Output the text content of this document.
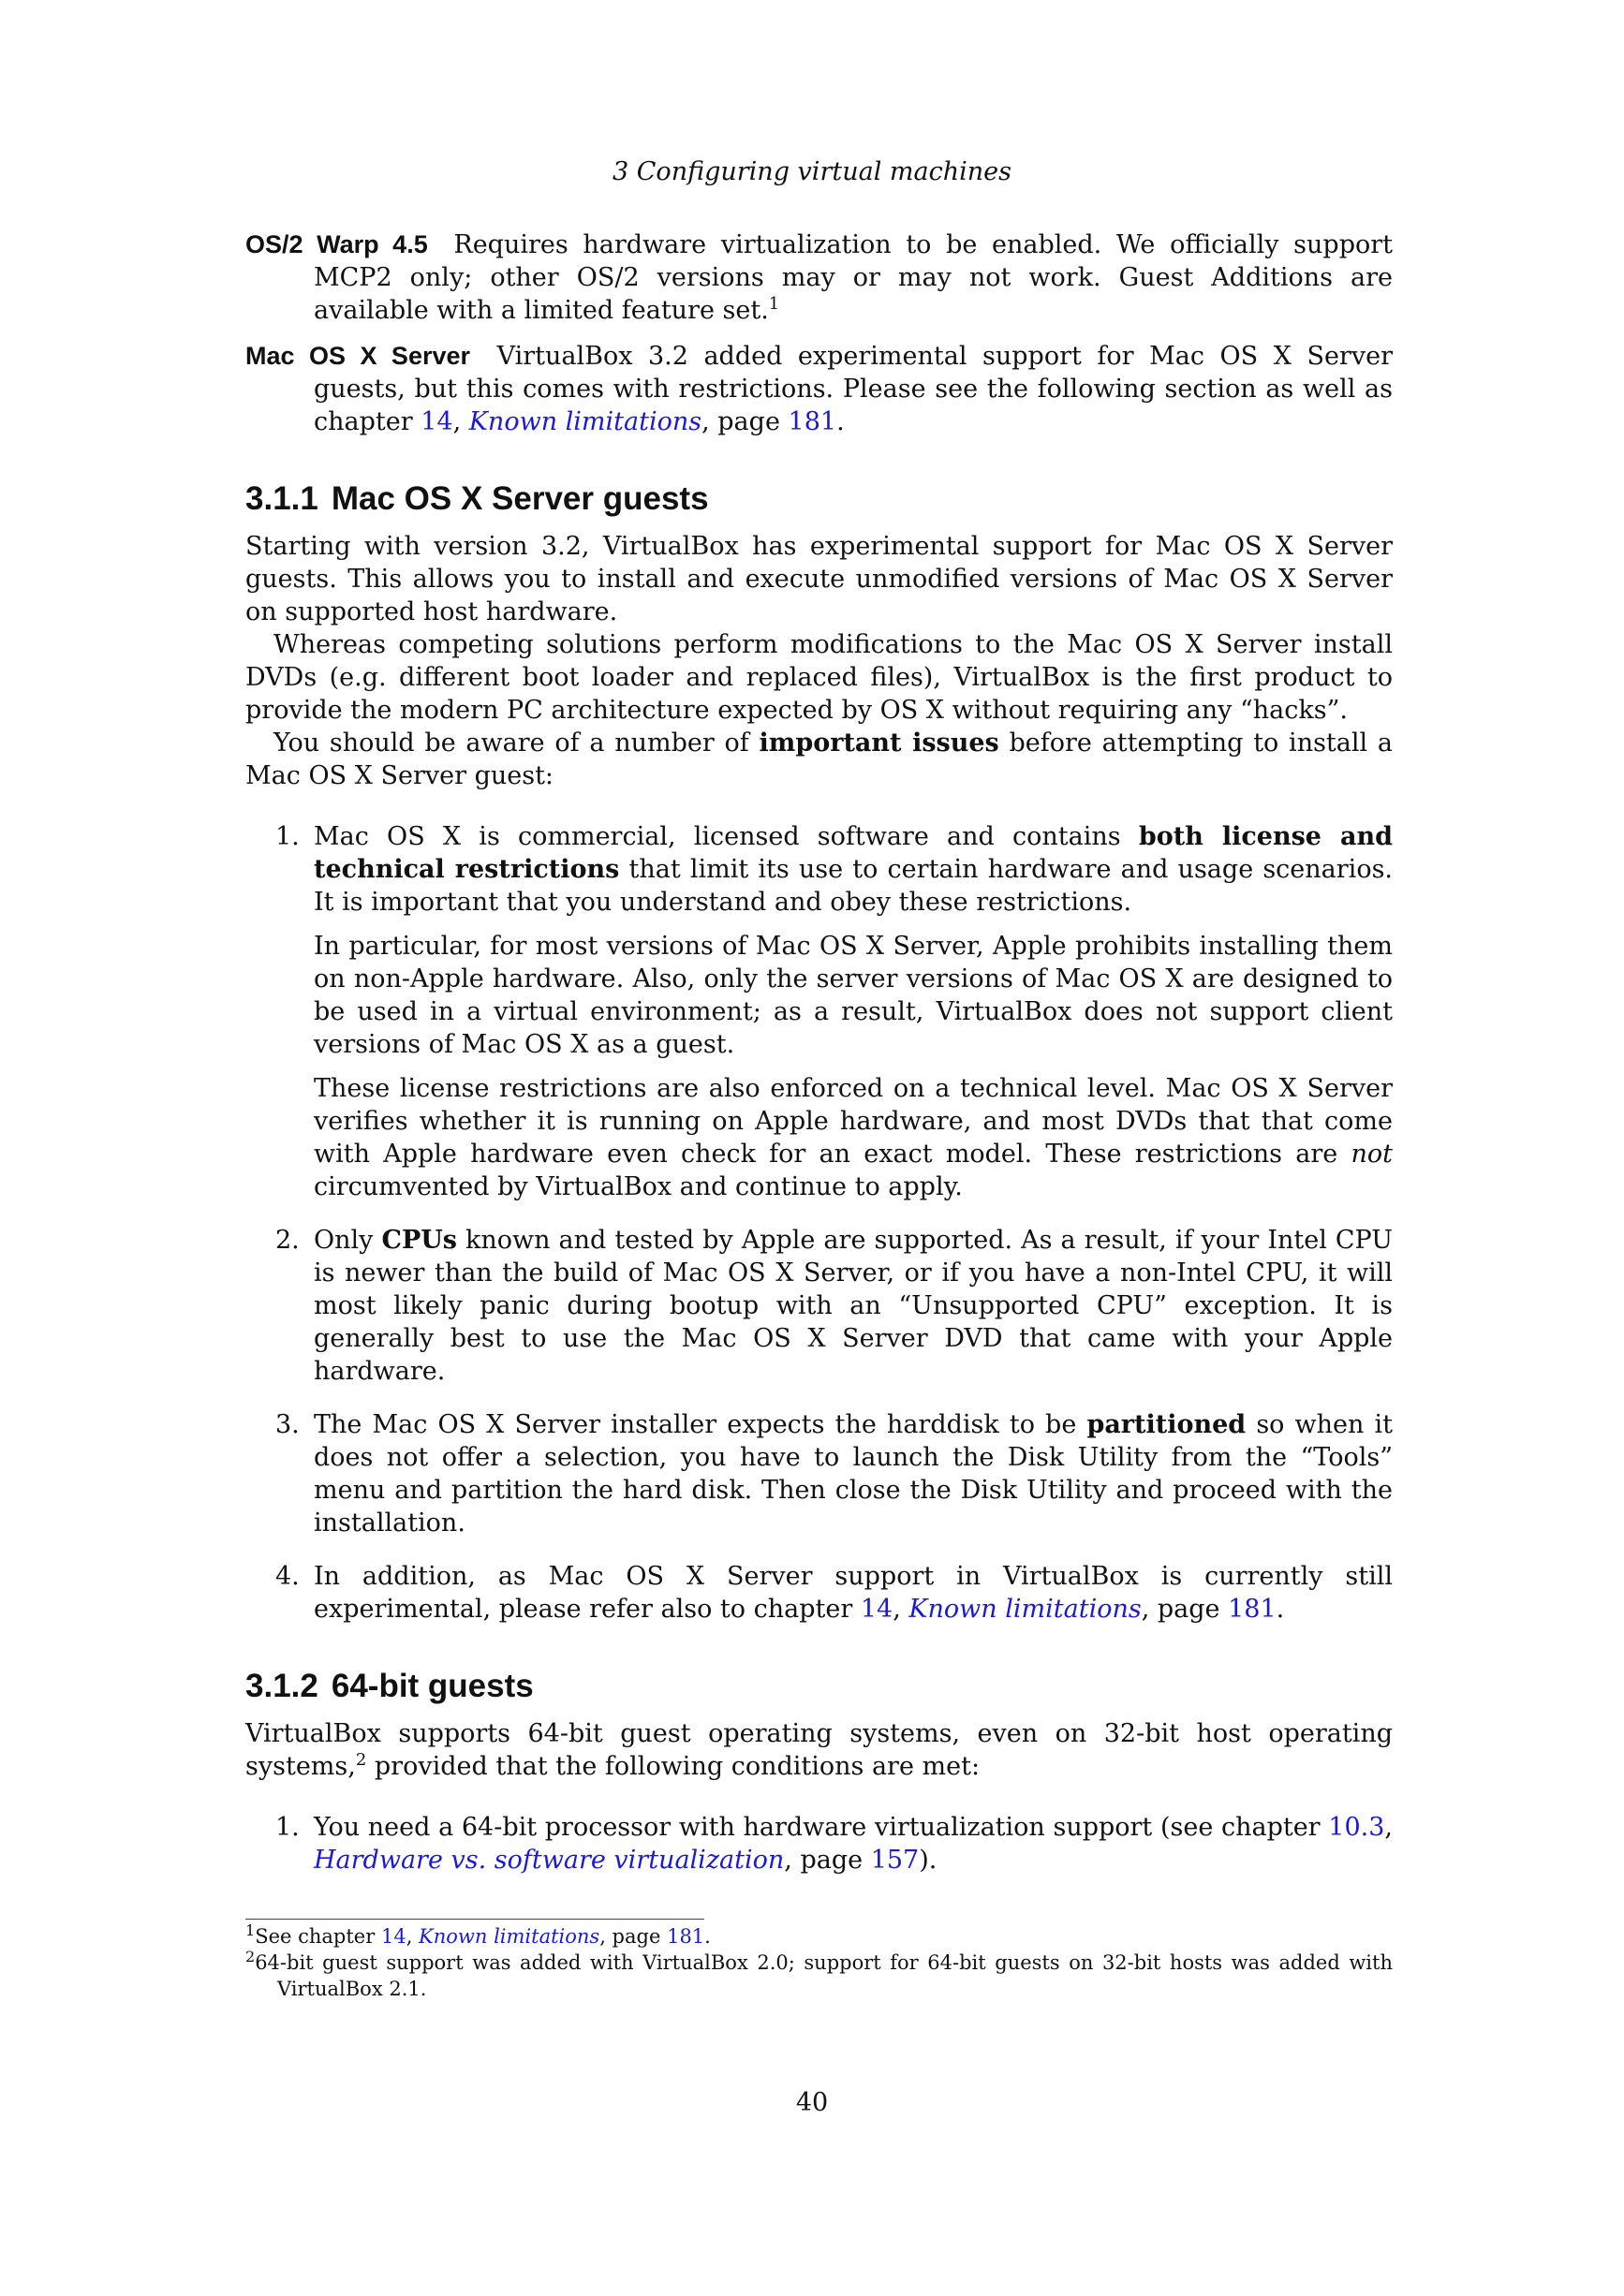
3 Configuring virtual machines

OS/2 Warp 4.5 Requires hardware virtualization to be enabled. We officially support MCP2 only; other OS/2 versions may or may not work. Guest Additions are available with a limited feature set.$^1$

Mac OS X Server VirtualBox 3.2 added experimental support for Mac OS X Server guests, but this comes with restrictions. Please see the following section as well as chapter 14, Known limitations, page 181.

3.1.1 Mac OS X Server guests

Starting with version 3.2, VirtualBox has experimental support for Mac OS X Server guests. This allows you to install and execute unmodified versions of Mac OS X Server on supported host hardware.

Whereas competing solutions perform modifications to the Mac OS X Server install DVDs (e.g. different boot loader and replaced files), VirtualBox is the first product to provide the modern PC architecture expected by OS X without requiring any “hacks”.

You should be aware of a number of important issues before attempting to install a Mac OS X Server guest:

1. Mac OS X is commercial, licensed software and contains both license and technical restrictions that limit its use to certain hardware and usage scenarios. It is important that you understand and obey these restrictions.

In particular, for most versions of Mac OS X Server, Apple prohibits installing them on non-Apple hardware. Also, only the server versions of Mac OS X are designed to be used in a virtual environment; as a result, VirtualBox does not support client versions of Mac OS X as a guest.

These license restrictions are also enforced on a technical level. Mac OS X Server verifies whether it is running on Apple hardware, and most DVDs that that come with Apple hardware even check for an exact model. These restrictions are not circumvented by VirtualBox and continue to apply.

2. Only CPUs known and tested by Apple are supported. As a result, if your Intel CPU is newer than the build of Mac OS X Server, or if you have a non-Intel CPU, it will most likely panic during bootup with an “Unsupported CPU” exception. It is generally best to use the Mac OS X Server DVD that came with your Apple hardware.

3. The Mac OS X Server installer expects the harddisk to be partitioned so when it does not offer a selection, you have to launch the Disk Utility from the “Tools” menu and partition the hard disk. Then close the Disk Utility and proceed with the installation.

4. In addition, as Mac OS X Server support in VirtualBox is currently still experimental, please refer also to chapter 14, Known limitations, page 181.

3.1.2 64-bit guests

VirtualBox supports 64-bit guest operating systems, even on 32-bit host operating systems,$^2$ provided that the following conditions are met:

1. You need a 64-bit processor with hardware virtualization support (see chapter 10.3, Hardware vs. software virtualization, page 157).

$^1$See chapter 14, Known limitations, page 181.

$^2$64-bit guest support was added with VirtualBox 2.0; support for 64-bit guests on 32-bit hosts was added with VirtualBox 2.1.

40
